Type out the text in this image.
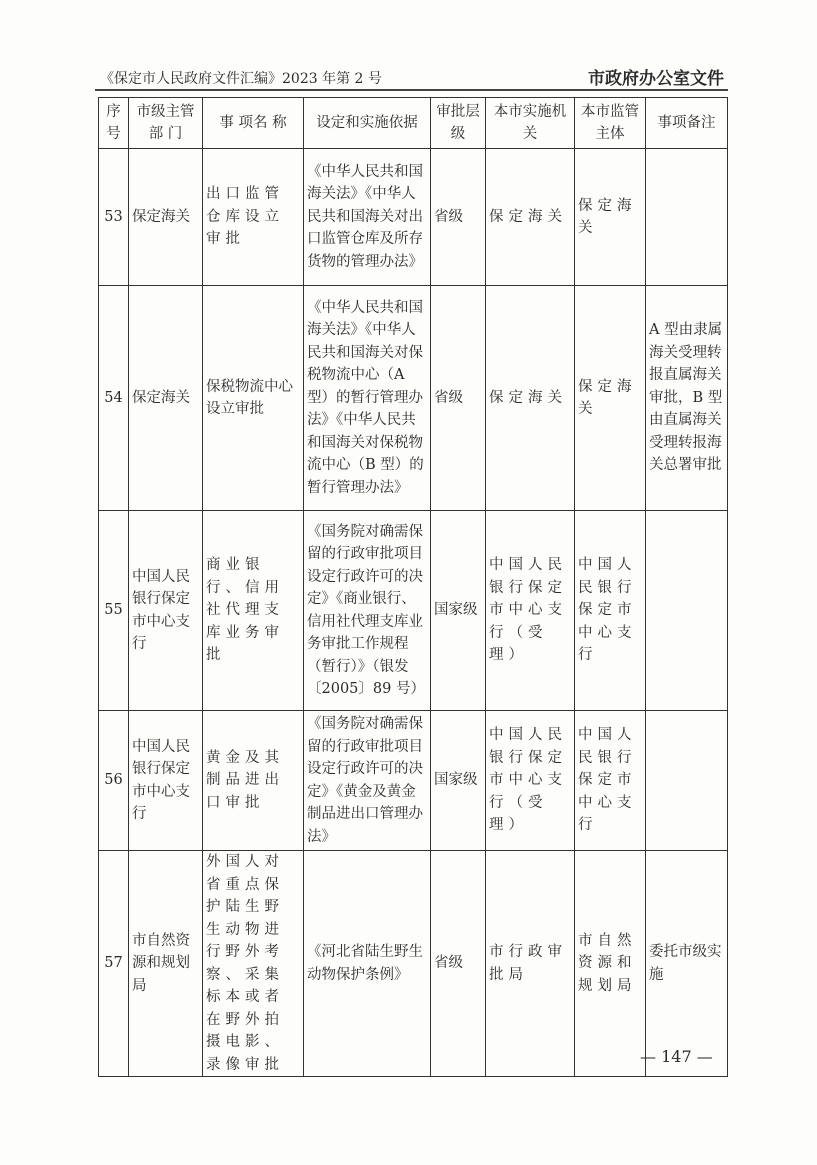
《保定市人民政府文件汇编》2023 年第 2 号	市政府办公室文件
序号	市级主管部 门	事 项名 称	设定和实施依据	审批层级	本市实施机关	本市监管主体	事项备注
53	保定海关	出口监管仓库设立审批	《中华人民共和国海关法》《中华人民共和国海关对出口监管仓库及所存货物的管理办法》	省级	保定海关	保定海关	
54	保定海关	保税物流中心设立审批	《中华人民共和国海关法》《中华人民共和国海关对保税物流中心（A 型）的暂行管理办法》《中华人民共和国海关对保税物流中心（B 型）的暂行管理办法》	省级	保定海关	保定海关	A 型由隶属海关受理转报直属海关审批，B 型由直属海关受理转报海关总署审批
55	中国人民银行保定市中心支行	商业银行、信用社代理支库业务审批	《国务院对确需保留的行政审批项目设定行政许可的决定》《商业银行、信用社代理支库业务审批工作规程（暂行）》（银发〔2005〕89 号）	国家级	中国人民银行保定市中心支行（受理）	中国人民银行保定市中心支行	
56	中国人民银行保定市中心支行	黄金及其制品进出口审批	《国务院对确需保留的行政审批项目设定行政许可的决定》《黄金及黄金制品进出口管理办法》	国家级	中国人民银行保定市中心支行（受理）	中国人民银行保定市中心支行	
57	市自然资源和规划局	外国人对省重点保护陆生野生动物进行野外考察、采集标本或者在野外拍摄电影、录像审批	《河北省陆生野生动物保护条例》	省级	市行政审批局	市自然资源和规划局	委托市级实施
— 147 —
